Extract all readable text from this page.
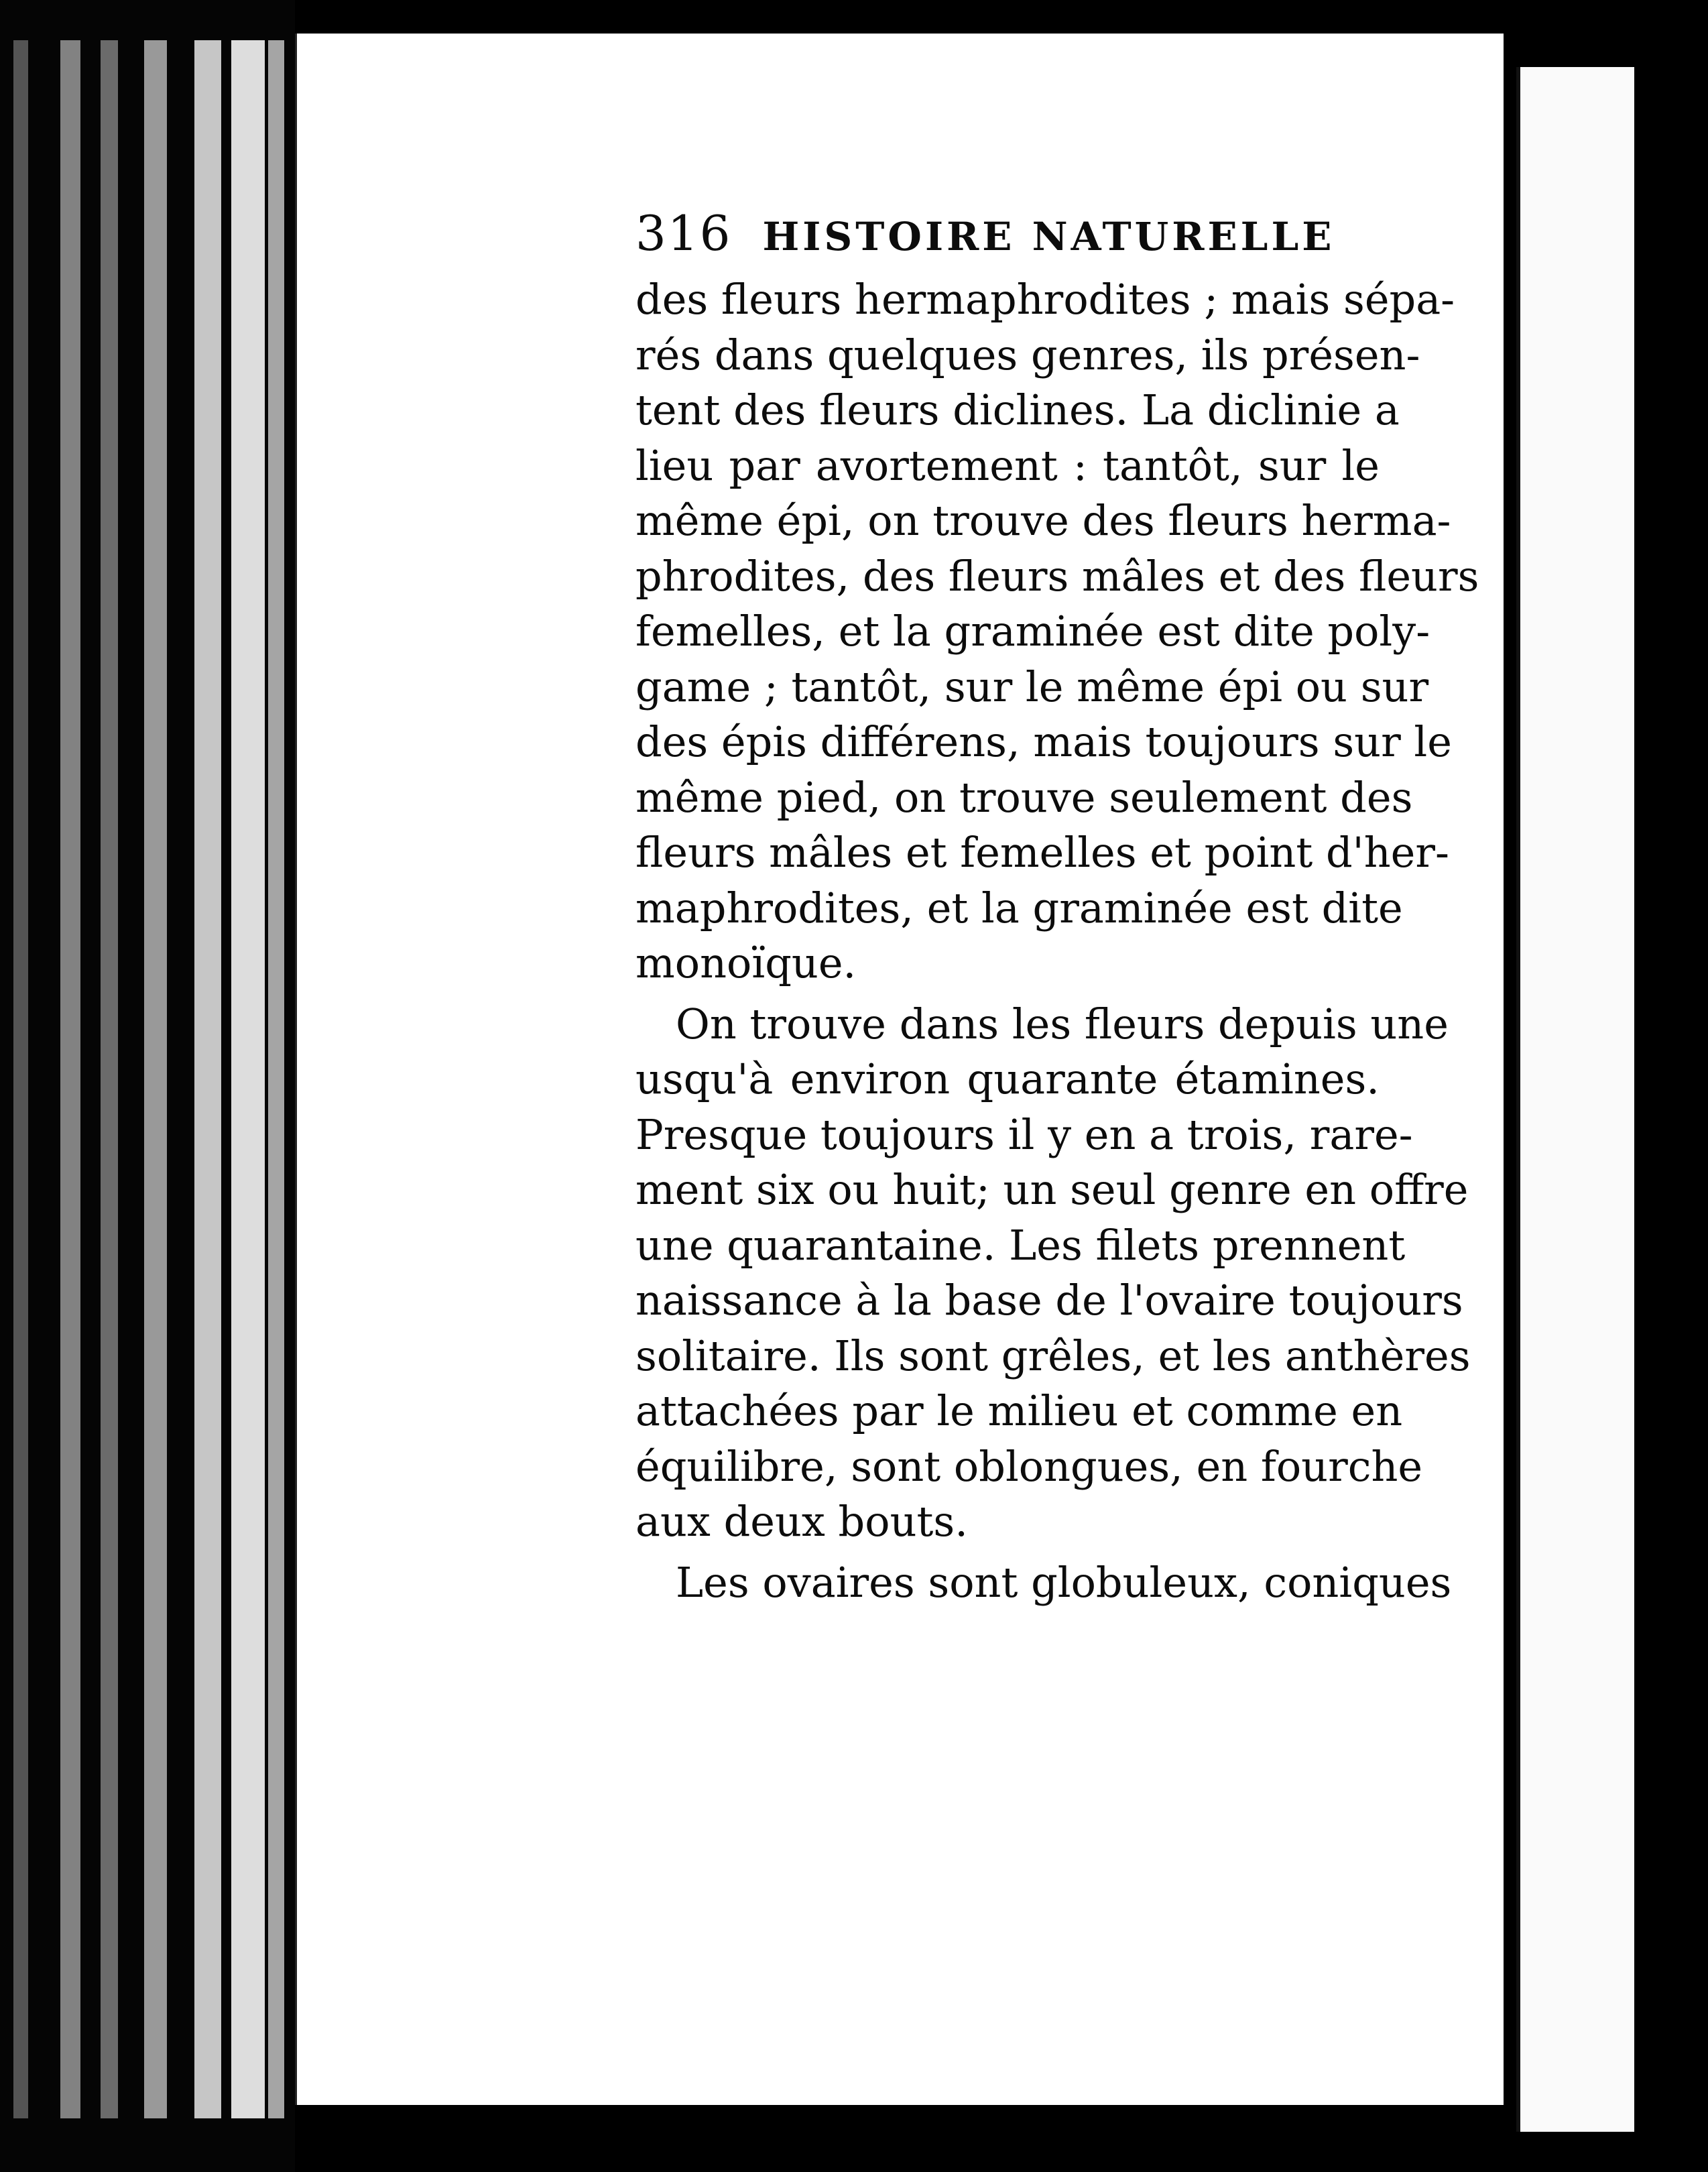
316 HISTOIRE NATURELLE
des fleurs hermaphrodites ; mais sépa-
rés dans quelques genres, ils présen-
tent des fleurs diclines. La diclinie a
lieu par avortement : tantôt, sur le
même épi, on trouve des fleurs herma-
phrodites, des fleurs mâles et des fleurs
femelles, et la graminée est dite poly-
game ; tantôt, sur le même épi ou sur
des épis différens, mais toujours sur le
même pied, on trouve seulement des
fleurs mâles et femelles et point d'her-
maphrodites, et la graminée est dite
monoïque.
On trouve dans les fleurs depuis une
usqu'à environ quarante étamines.
Presque toujours il y en a trois, rare-
ment six ou huit; un seul genre en offre
une quarantaine. Les filets prennent
naissance à la base de l'ovaire toujours
solitaire. Ils sont grêles, et les anthères
attachées par le milieu et comme en
équilibre, sont oblongues, en fourche
aux deux bouts.
Les ovaires sont globuleux, coniques
